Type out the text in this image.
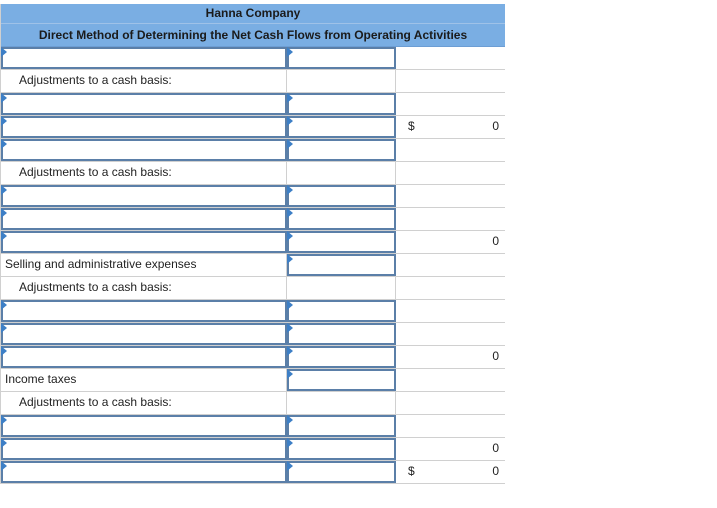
Hanna Company
Direct Method of Determining the Net Cash Flows from Operating Activities
Adjustments to a cash basis:
$	0
Adjustments to a cash basis:
0
Selling and administrative expenses
Adjustments to a cash basis:
0
Income taxes
Adjustments to a cash basis:
0
$	0
